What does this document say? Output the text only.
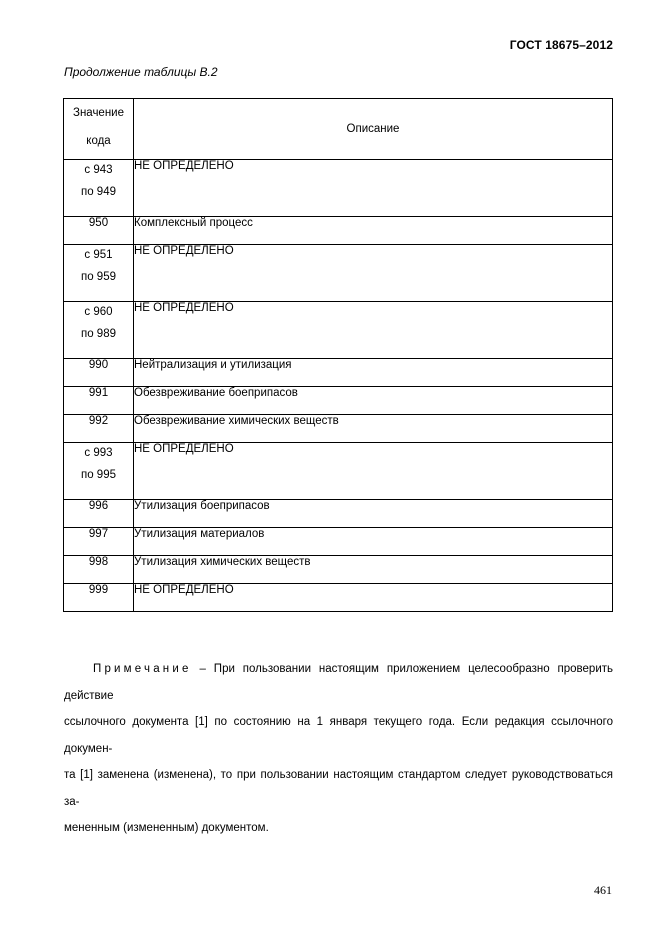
ГОСТ 18675–2012
Продолжение таблицы В.2
Значение
кода	Описание

с 943
по 949	НЕ ОПРЕДЕЛЕНО
950	Комплексный процесс

с 951
по 959	НЕ ОПРЕДЕЛЕНО

с 960
по 989	НЕ ОПРЕДЕЛЕНО
990	Нейтрализация и утилизация
991	Обезвреживание боеприпасов
992	Обезвреживание химических веществ

с 993
по 995	НЕ ОПРЕДЕЛЕНО
996	Утилизация боеприпасов
997	Утилизация материалов
998	Утилизация химических веществ
999	НЕ ОПРЕДЕЛЕНО
Примечание – При пользовании настоящим приложением целесообразно проверить действие
ссылочного документа [1] по состоянию на 1 января текущего года. Если редакция ссылочного докумен-
та [1] заменена (изменена), то при пользовании настоящим стандартом следует руководствоваться за-
мененным (измененным) документом.
461
